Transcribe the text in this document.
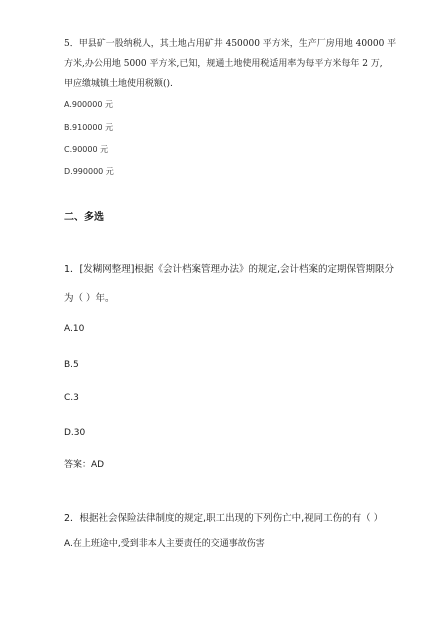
5．甲县矿一股纳税人，其土地占用矿井 450000 平方米，生产厂房用地 40000 平
方米,办公用地 5000 平方米,已知，规通土地使用税适用率为每平方米每年 2 万,
甲应缴城镇土地使用税额().
A.900000 元
B.910000 元
C.90000 元
D.990000 元
二、多选
1．[发糊网整理]根据《会计档案管理办法》的规定,会计档案的定期保管期限分
为（ ）年。
A.10
B.5
C.3
D.30
答案：AD
2．根据社会保险法律制度的规定,职工出现的下列伤亡中,视同工伤的有（ ）
A.在上班途中,受到非本人主要责任的交通事故伤害
